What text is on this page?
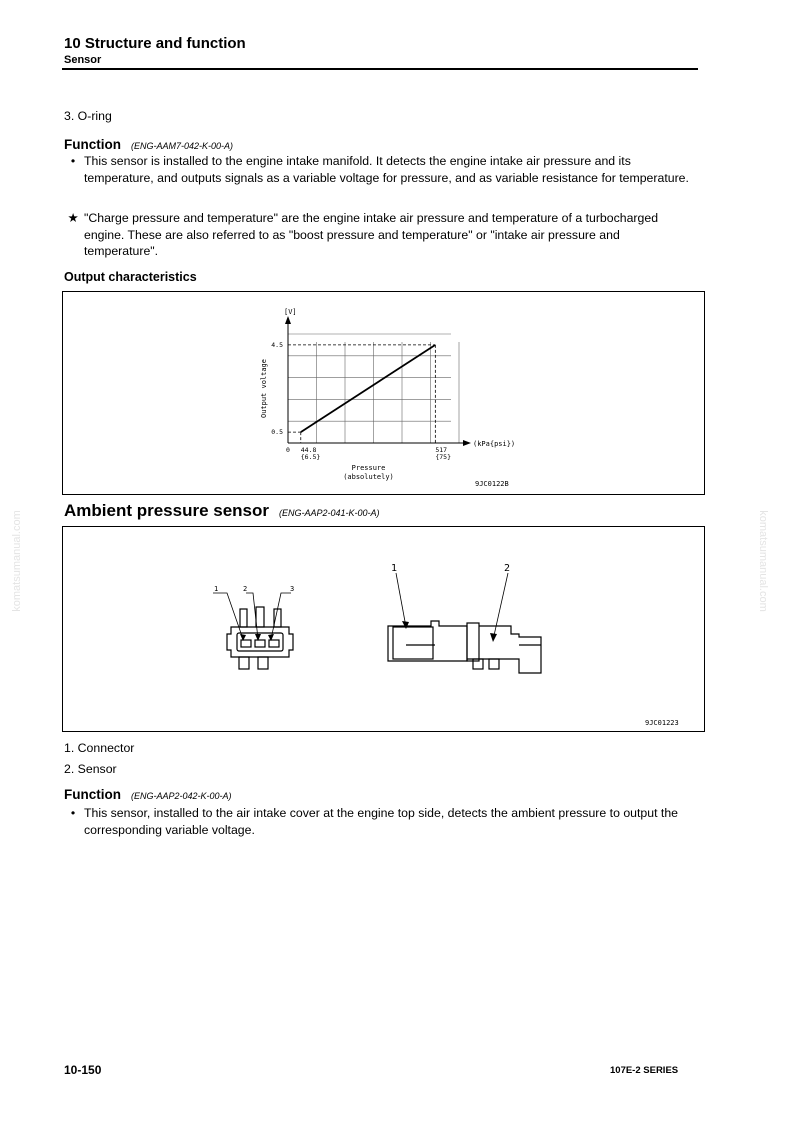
10 Structure and function
Sensor
komatsumanual.com	komatsumanual.com
3. O-ring
Function (ENG-AAM7-042-K-00-A)
• This sensor is installed to the engine intake manifold. It detects the engine intake air pressure and its temperature, and outputs signals as a variable voltage for pressure, and as variable resistance for temperature.
★ "Charge pressure and temperature" are the engine intake air pressure and temperature of a turbocharged engine. These are also referred to as "boost pressure and temperature" or "intake air pressure and temperature".
Output characteristics
0 44.8
{6.5}
517
{75}
0.5
4.5
[V]
(kPa{psi})
Output voltage
Pressure
(absolutely)
9JC0122B
Ambient pressure sensor (ENG-AAP2-041-K-00-A)
1	2	3
1	2
9JC01223
1. Connector
2. Sensor
Function (ENG-AAP2-042-K-00-A)
• This sensor, installed to the air intake cover at the engine top side, detects the ambient pressure to output the corresponding variable voltage.
10-150	107E-2 SERIES
